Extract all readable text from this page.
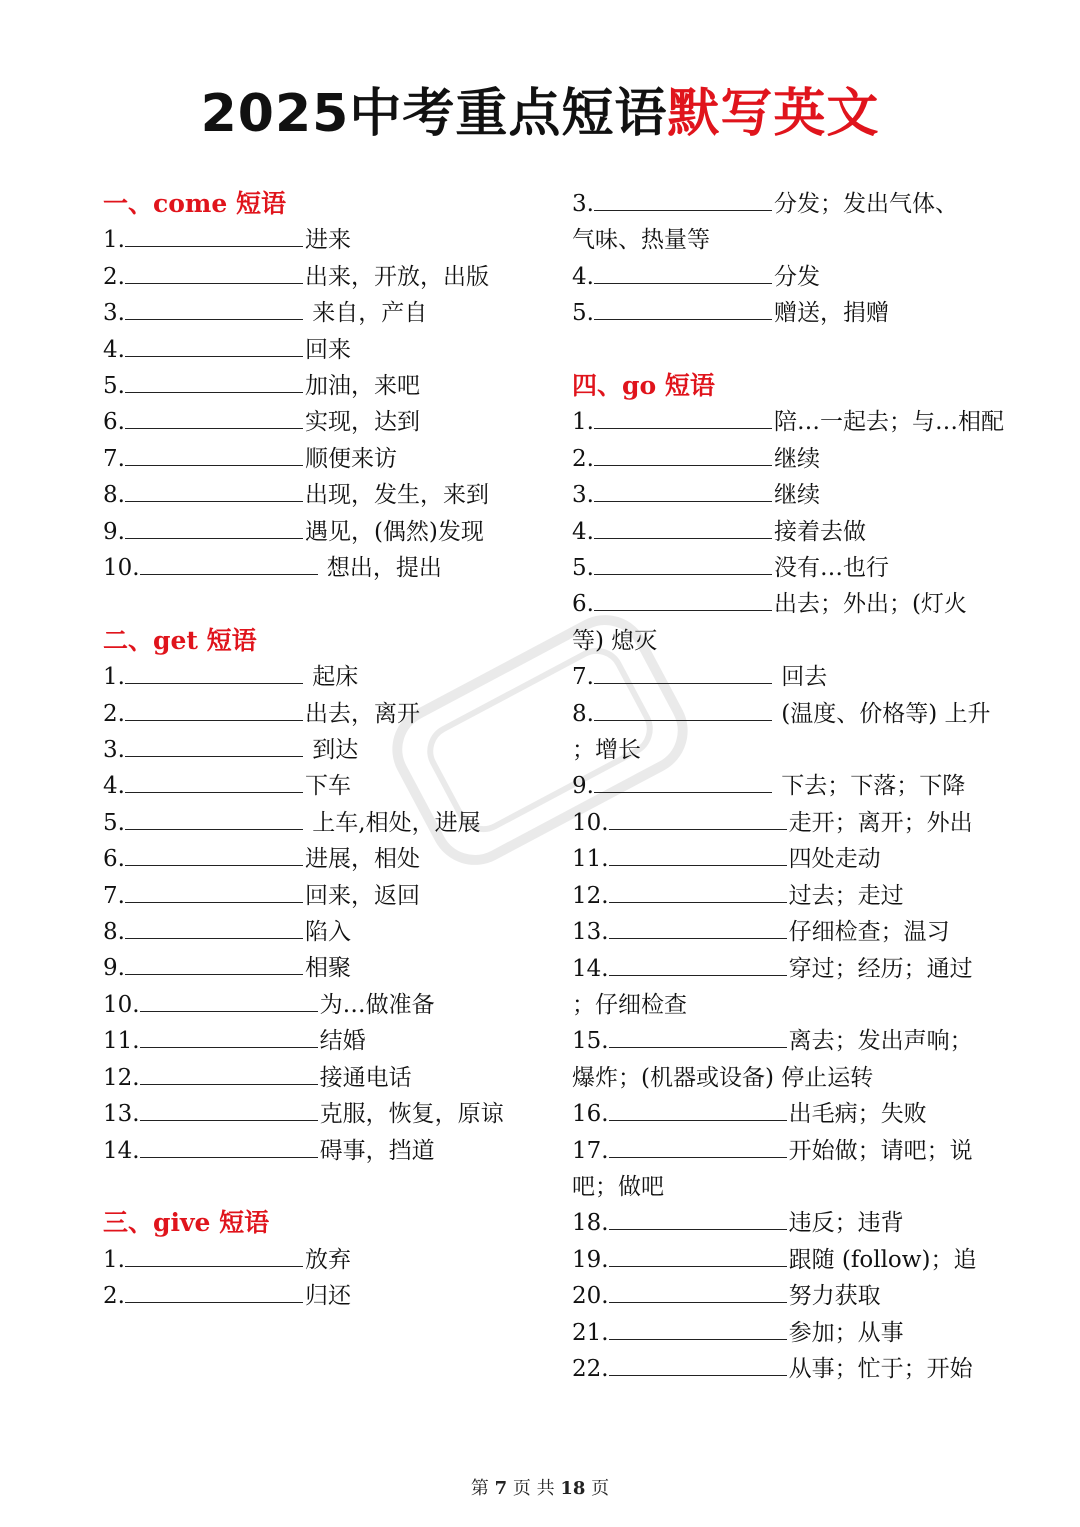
2025中考重点短语默写英文
一、come 短语
1.	进来
2.	出来，开放，出版
3.	来自，产自
4.	回来
5.	加油，来吧
6.	实现，达到
7.	顺便来访
8.	出现，发生，来到
9.	遇见，(偶然)发现
10.	想出，提出
二、get 短语
1.	起床
2.	出去，离开
3.	到达
4.	下车
5.	上车,相处，进展
6.	进展，相处
7.	回来，返回
8.	陷入
9.	相聚
10.	为…做准备
11.	结婚
12.	接通电话
13.	克服，恢复，原谅
14.	碍事，挡道
三、give 短语
1.	放弃
2.	归还
3.	分发；发出气体、
气味、热量等
4.	分发
5.	赠送，捐赠
四、go 短语
1.	陪…一起去；与…相配
2.	继续
3.	继续
4.	接着去做
5.	没有…也行
6.	出去；外出；(灯火
等) 熄灭
7.	回去
8.	(温度、价格等) 上升
；增长
9.	下去；下落；下降
10.	走开；离开；外出
11.	四处走动
12.	过去；走过
13.	仔细检查；温习
14.	穿过；经历；通过
；仔细检查
15.	离去；发出声响；
爆炸；(机器或设备) 停止运转
16.	出毛病；失败
17.	开始做；请吧；说
吧；做吧
18.	违反；违背
19.	跟随 (follow)；追
20.	努力获取
21.	参加；从事
22.	从事；忙于；开始
第 7 页 共 18 页
